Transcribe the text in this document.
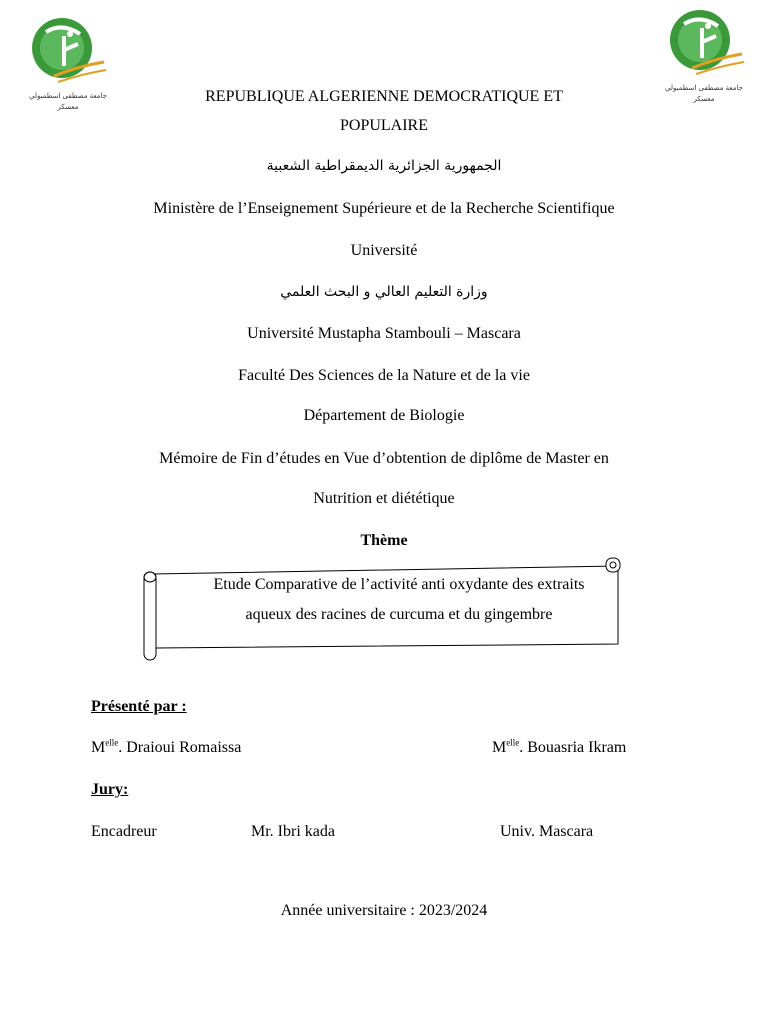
جامعة مصطفى اسطمبولي
معسكر
جامعة مصطفى اسطمبولي
معسكر
REPUBLIQUE ALGERIENNE DEMOCRATIQUE ET
POPULAIRE
الجمهورية الجزائرية الديمقراطية الشعبية
Ministère de l’Enseignement Supérieure et de la Recherche Scientifique
Université
وزارة التعليم العالي و البحث العلمي
Université Mustapha Stambouli – Mascara
Faculté Des Sciences de la Nature et de la vie
Département de Biologie
Mémoire de Fin d’études en Vue d’obtention de diplôme de Master en
Nutrition et diététique
Thème
Etude Comparative de l’activité anti oxydante des extraits
aqueux des racines de curcuma et du gingembre
Présenté par :
$M^{elle}$. Draioui Romaissa	$M^{elle}$. Bouasria Ikram
Jury:
Encadreur	Mr. Ibri kada	Univ. Mascara
Année universitaire : 2023/2024
